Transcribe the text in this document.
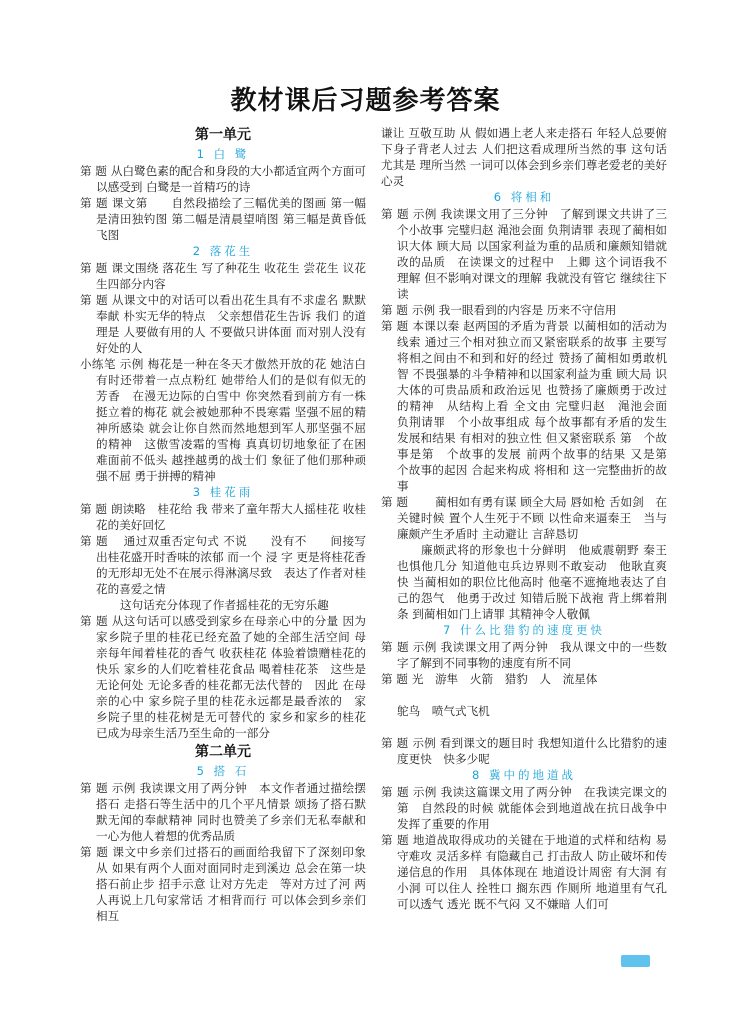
教材课后习题参考答案
第一单元
1 白 鹭
第 题 从白鹭色素的配合和身段的大小都适宜两个方面可以感受到 白鹭是一首精巧的诗
第 题 课文第　　自然段描绘了三幅优美的图画 第一幅是清田独钓图 第二幅是清晨望哨图 第三幅是黄昏低飞图
2 落花生
第 题 课文围绕 落花生 写了种花生 收花生 尝花生 议花生四部分内容
第 题 从课文中的对话可以看出花生具有不求虚名 默默奉献 朴实无华的特点　父亲想借花生告诉 我们 的道理是 人要做有用的人 不要做只讲体面 而对别人没有好处的人
小练笔 示例 梅花是一种在冬天才傲然开放的花 她洁白 有时还带着一点点粉红 她带给人们的是似有似无的芳香　在漫无边际的白雪中 你突然看到前方有一株挺立着的梅花 就会被她那种不畏寒霜 坚强不屈的精神所感染 就会让你自然而然地想到军人那坚强不屈的精神　这傲雪凌霜的雪梅 真真切切地象征了在困难面前不低头 越挫越勇的战士们 象征了他们那种顽强不屈 勇于拼搏的精神
3 桂花雨
第 题 朗读略　桂花给 我 带来了童年帮大人摇桂花 收桂花的美好回忆
第 题　通过双重否定句式 不说　　没有不　　间接写出桂花盛开时香味的浓郁 而一个 浸 字 更是将桂花香的无形却无处不在展示得淋漓尽致　表达了作者对桂花的喜爱之情
这句话充分体现了作者摇桂花的无穷乐趣
第 题 从这句话可以感受到家乡在母亲心中的分量 因为家乡院子里的桂花已经充盈了她的全部生活空间 母亲每年闻着桂花的香气 收获桂花 体验着馈赠桂花的快乐 家乡的人们吃着桂花食品 喝着桂花茶　这些是无论何处 无论多香的桂花都无法代替的　因此 在母亲的心中 家乡院子里的桂花永远都是最香浓的　家乡院子里的桂花树是无可替代的 家乡和家乡的桂花 已成为母亲生活乃至生命的一部分
第二单元
5 搭 石
第 题 示例 我读课文用了两分钟　本文作者通过描绘摆搭石 走搭石等生活中的几个平凡情景 颂扬了搭石默默无闻的奉献精神 同时也赞美了乡亲们无私奉献和一心为他人着想的优秀品质
第 题 课文中乡亲们过搭石的画面给我留下了深刻印象　从 如果有两个人面对面同时走到溪边 总会在第一块搭石前止步 招手示意 让对方先走　等对方过了河 两人再说上几句家常话 才相背而行 可以体会到乡亲们相互
谦让 互敬互助 从 假如遇上老人来走搭石 年轻人总要俯下身子背老人过去 人们把这看成理所当然的事 这句话 尤其是 理所当然 一词可以体会到乡亲们尊老爱老的美好心灵
6 将相和
第 题 示例 我读课文用了三分钟　了解到课文共讲了三个小故事 完璧归赵 渑池会面 负荆请罪 表现了蔺相如识大体 顾大局 以国家利益为重的品质和廉颇知错就改的品质　在读课文的过程中　上卿 这个词语我不理解 但不影响对课文的理解 我就没有管它 继续往下读
第 题 示例 我一眼看到的内容是 历来不守信用
第 题 本课以秦 赵两国的矛盾为背景 以蔺相如的活动为线索 通过三个相对独立而又紧密联系的故事 主要写将相之间由不和到和好的经过 赞扬了蔺相如勇敢机智 不畏强暴的斗争精神和以国家利益为重 顾大局 识大体的可贵品质和政治远见 也赞扬了廉颇勇于改过的精神　从结构上看 全文由 完璧归赵　渑池会面　负荆请罪　个小故事组成 每个故事都有矛盾的发生 发展和结果 有相对的独立性 但又紧密联系 第　个故事是第　个故事的发展 前两个故事的结果 又是第　个故事的起因 合起来构成 将相和 这一完整曲折的故事
第 题　　蔺相如有勇有谋 顾全大局 唇如枪 舌如剑　在关键时候 置个人生死于不顾 以性命来逼秦王　当与廉颇产生矛盾时 主动避让 言辞恳切
廉颇武将的形象也十分鲜明　他威震朝野 秦王也惧他几分 知道他屯兵边界则不敢妄动　他耿直爽快 当蔺相如的职位比他高时 他毫不遮掩地表达了自己的怨气　他勇于改过 知错后脱下战袍 背上绑着荆条 到蔺相如门上请罪 其精神令人敬佩
7 什么比猎豹的速度更快
第 题 示例 我读课文用了两分钟　我从课文中的一些数字了解到不同事物的速度有所不同
第 题 光　游隼　火箭　猎豹　人　流星体
鸵鸟　喷气式飞机
第 题 示例 看到课文的题目时 我想知道什么比猎豹的速度更快　快多少呢
8 冀中的地道战
第 题 示例 我读这篇课文用了两分钟　在我读完课文的第　自然段的时候 就能体会到地道战在抗日战争中发挥了重要的作用
第 题 地道战取得成功的关键在于地道的式样和结构 易守难攻 灵活多样 有隐藏自己 打击敌人 防止破坏和传递信息的作用　具体体现在 地道设计周密 有大洞 有小洞 可以住人 拴牲口 搁东西 作厕所 地道里有气孔 可以透气 透光 既不气闷 又不嫌暗 人们可
